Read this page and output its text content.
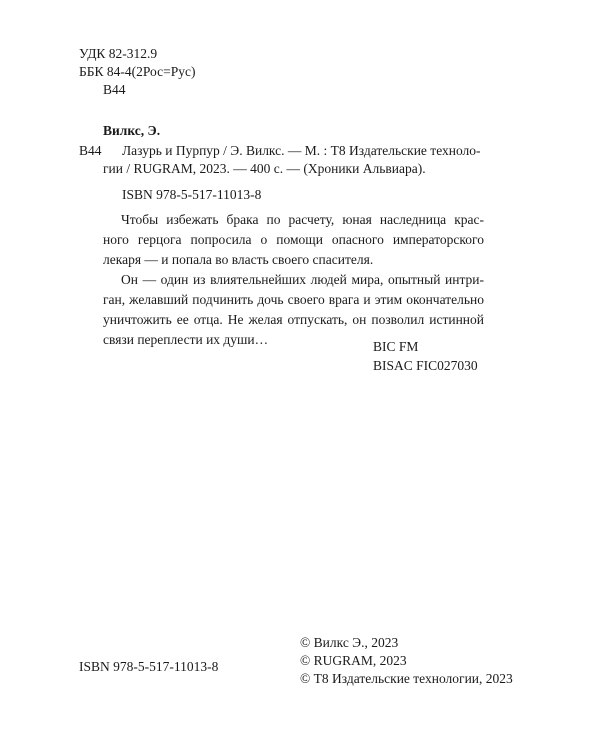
УДК 82-312.9
ББК 84-4(2Рос=Рус)
В44
Вилкс, Э.
В44 Лазурь и Пурпур / Э. Вилкс. — М. : Т8 Издательские техноло-
гии / RUGRAM, 2023. — 400 с. — (Хроники Альвиара).
ISBN 978-5-517-11013-8
Чтобы избежать брака по расчету, юная наследница крас-
ного герцога попросила о помощи опасного императорского
лекаря — и попала во власть своего спасителя.
Он — один из влиятельнейших людей мира, опытный интри-
ган, желавший подчинить дочь своего врага и этим окончательно
уничтожить ее отца. Не желая отпускать, он позволил истинной
связи переплести их души…	BIC FM
BISAC FIC027030
ISBN 978-5-517-11013-8
© Вилкс Э., 2023
© RUGRAM, 2023
© Т8 Издательские технологии, 2023
